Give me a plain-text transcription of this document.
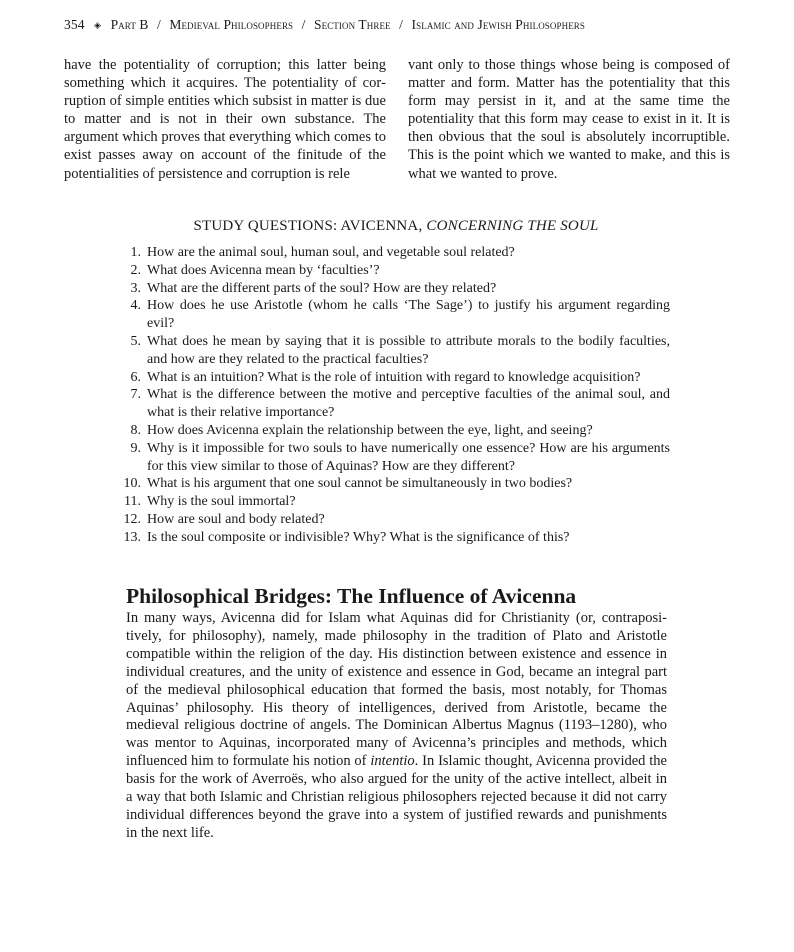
354 ◈ Part B / Medieval Philosophers / Section Three / Islamic and Jewish Philosophers
have the potentiality of corruption; this latter being something which it acquires. The potentiality of corruption of simple entities which subsist in matter is due to matter and is not in their own substance. The argument which proves that everything which comes to exist passes away on account of the finitude of the potentialities of persistence and corruption is rele
vant only to those things whose being is composed of matter and form. Matter has the potentiality that this form may persist in it, and at the same time the potentiality that this form may cease to exist in it. It is then obvious that the soul is absolutely incorruptible. This is the point which we wanted to make, and this is what we wanted to prove.
STUDY QUESTIONS: AVICENNA, CONCERNING THE SOUL
1. How are the animal soul, human soul, and vegetable soul related?
2. What does Avicenna mean by ‘faculties’?
3. What are the different parts of the soul? How are they related?
4. How does he use Aristotle (whom he calls ‘The Sage’) to justify his argument regarding evil?
5. What does he mean by saying that it is possible to attribute morals to the bodily faculties, and how are they related to the practical faculties?
6. What is an intuition? What is the role of intuition with regard to knowledge acquisition?
7. What is the difference between the motive and perceptive faculties of the animal soul, and what is their relative importance?
8. How does Avicenna explain the relationship between the eye, light, and seeing?
9. Why is it impossible for two souls to have numerically one essence? How are his arguments for this view similar to those of Aquinas? How are they different?
10. What is his argument that one soul cannot be simultaneously in two bodies?
11. Why is the soul immortal?
12. How are soul and body related?
13. Is the soul composite or indivisible? Why? What is the significance of this?
Philosophical Bridges: The Influence of Avicenna

In many ways, Avicenna did for Islam what Aquinas did for Christianity (or, contrapositively, for philosophy), namely, made philosophy in the tradition of Plato and Aristotle compatible within the religion of the day. His distinction between existence and essence in individual creatures, and the unity of existence and essence in God, became an integral part of the medieval philosophical education that formed the basis, most notably, for Thomas Aquinas’ philosophy. His theory of intelligences, derived from Aristotle, became the medieval religious doctrine of angels. The Dominican Albertus Magnus (1193–1280), who was mentor to Aquinas, incorporated many of Avicenna’s principles and methods, which influenced him to formulate his notion of intentio. In Islamic thought, Avicenna provided the basis for the work of Averroës, who also argued for the unity of the active intellect, albeit in a way that both Islamic and Christian religious philosophers rejected because it did not carry individual differences beyond the grave into a system of justified rewards and punishments in the next life.
